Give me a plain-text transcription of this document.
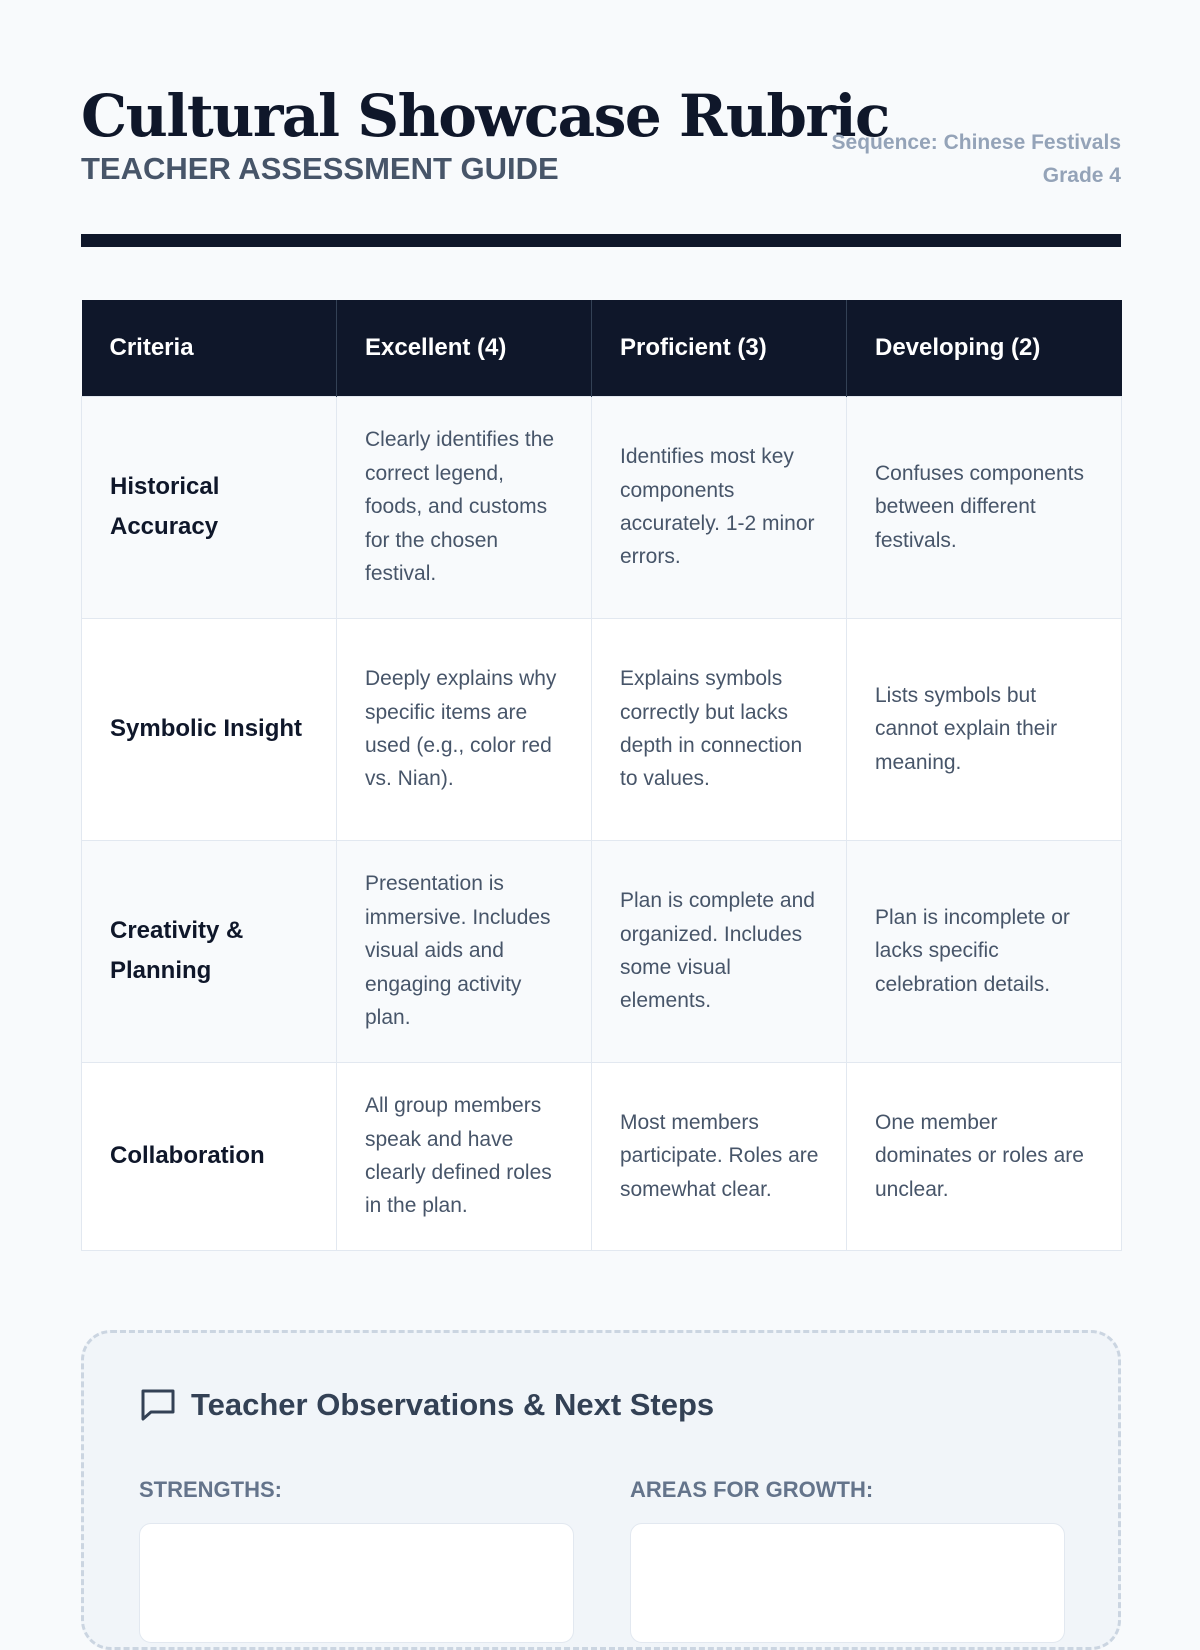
Cultural Showcase Rubric
TEACHER ASSESSMENT GUIDE
Sequence: Chinese Festivals
Grade 4
Criteria	Excellent (4)	Proficient (3)	Developing (2)
Historical Accuracy	Clearly identifies the correct legend, foods, and customs for the chosen festival.	Identifies most key components accurately. 1-2 minor errors.	Confuses components between different festivals.
Symbolic Insight	Deeply explains why specific items are used (e.g., color red vs. Nian).	Explains symbols correctly but lacks depth in connection to values.	Lists symbols but cannot explain their meaning.
Creativity & Planning	Presentation is immersive. Includes visual aids and engaging activity plan.	Plan is complete and organized. Includes some visual elements.	Plan is incomplete or lacks specific celebration details.
Collaboration	All group members speak and have clearly defined roles in the plan.	Most members participate. Roles are somewhat clear.	One member dominates or roles are unclear.
Teacher Observations & Next Steps
STRENGTHS:	AREAS FOR GROWTH:
